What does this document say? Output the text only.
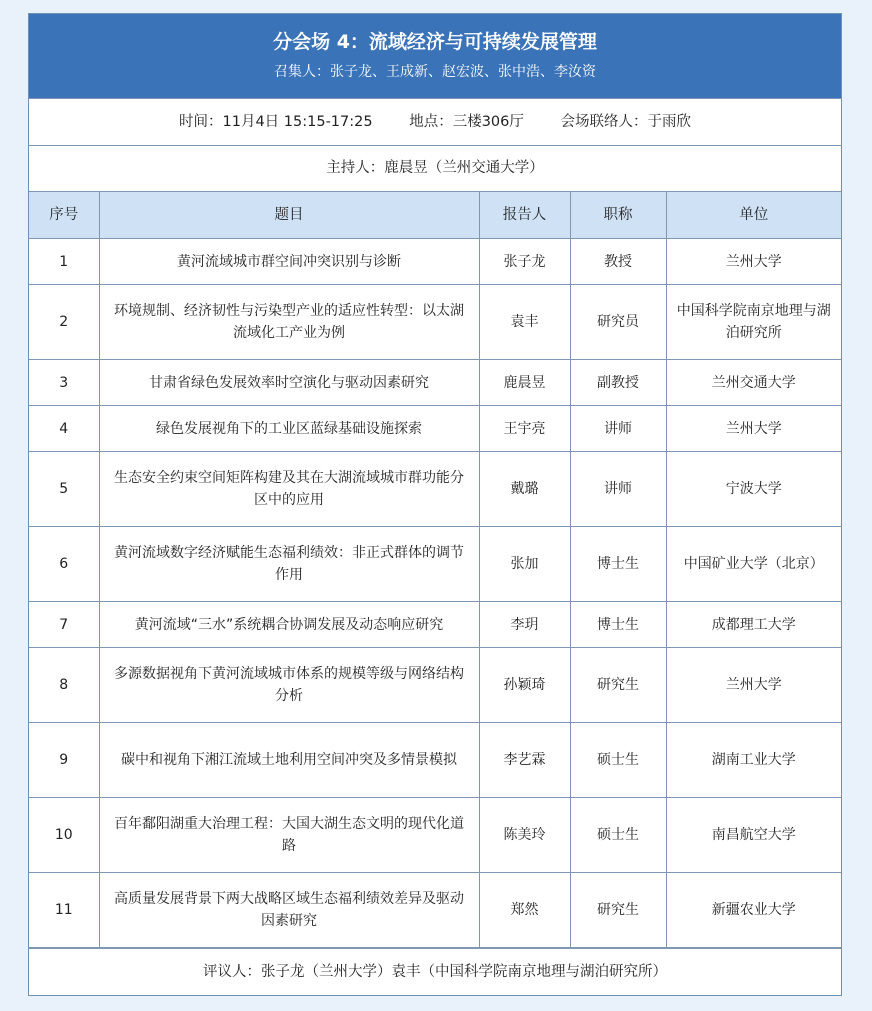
分会场 4：流域经济与可持续发展管理
召集人：张子龙、王成新、赵宏波、张中浩、李汝资
时间：11月4日 15:15-17:25	地点：三楼306厅	会场联络人：于雨欣
主持人：鹿晨昱（兰州交通大学）
序号	题目	报告人	职称	单位
1	黄河流域城市群空间冲突识别与诊断	张子龙	教授	兰州大学
2	环境规制、经济韧性与污染型产业的适应性转型：以太湖流域化工产业为例	袁丰	研究员	中国科学院南京地理与湖泊研究所
3	甘肃省绿色发展效率时空演化与驱动因素研究	鹿晨昱	副教授	兰州交通大学
4	绿色发展视角下的工业区蓝绿基础设施探索	王宇亮	讲师	兰州大学
5	生态安全约束空间矩阵构建及其在大湖流域城市群功能分区中的应用	戴璐	讲师	宁波大学
6	黄河流域数字经济赋能生态福利绩效：非正式群体的调节作用	张加	博士生	中国矿业大学（北京）
7	黄河流域“三水”系统耦合协调发展及动态响应研究	李玥	博士生	成都理工大学
8	多源数据视角下黄河流域城市体系的规模等级与网络结构分析	孙颖琦	研究生	兰州大学
9	碳中和视角下湘江流域土地利用空间冲突及多情景模拟	李艺霖	硕士生	湖南工业大学
10	百年鄱阳湖重大治理工程：大国大湖生态文明的现代化道路	陈美玲	硕士生	南昌航空大学
11	高质量发展背景下两大战略区域生态福利绩效差异及驱动因素研究	郑然	研究生	新疆农业大学
评议人：张子龙（兰州大学）袁丰（中国科学院南京地理与湖泊研究所）
